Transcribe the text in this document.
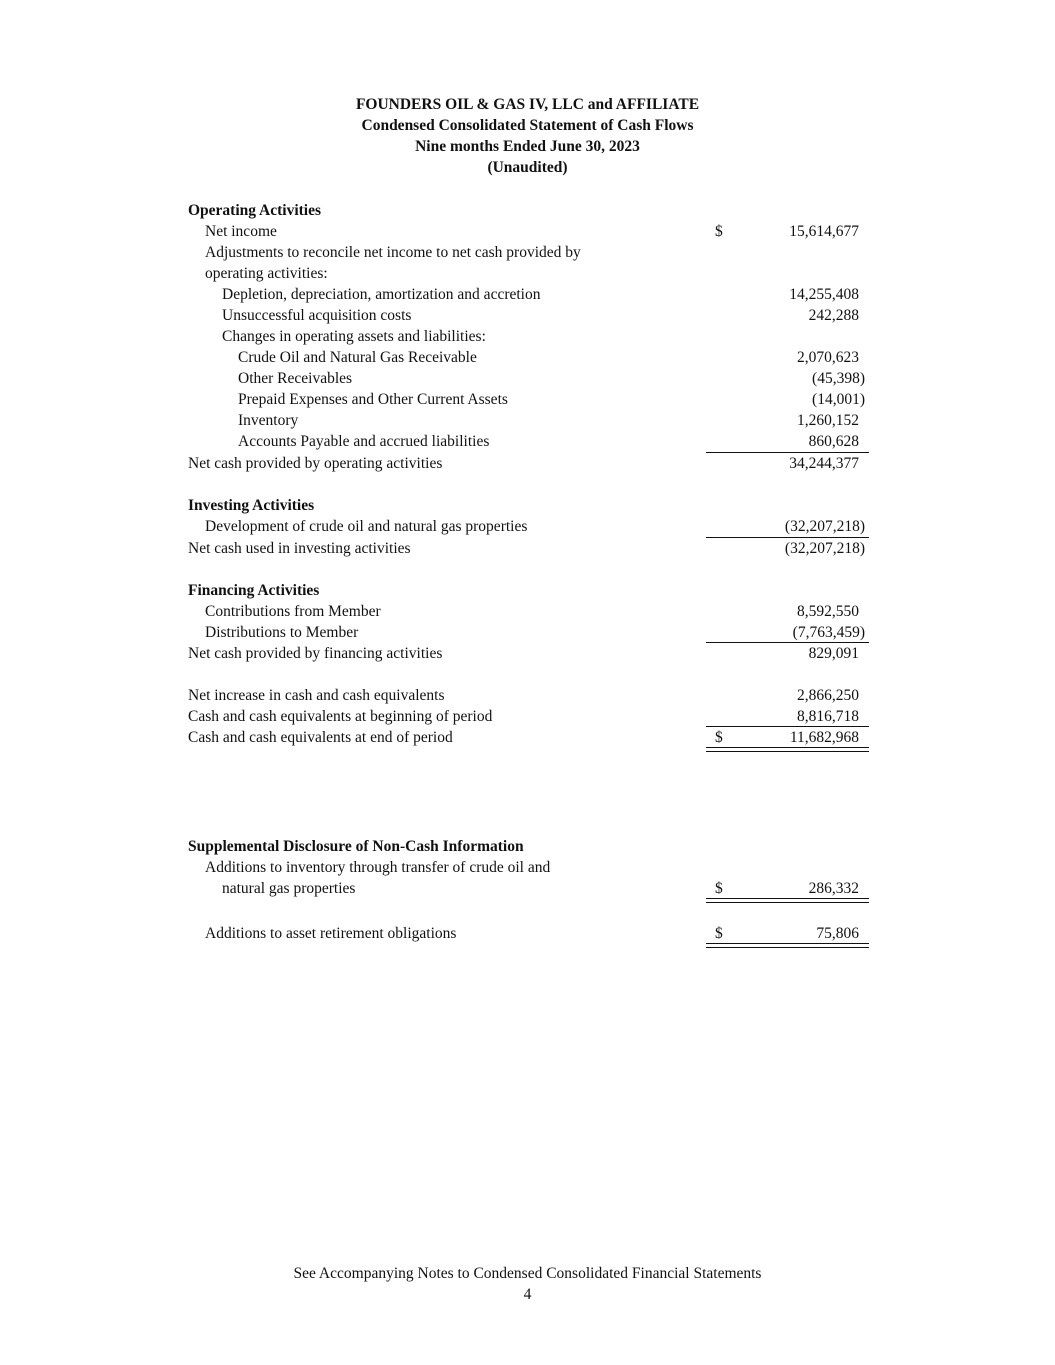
FOUNDERS OIL & GAS IV, LLC and AFFILIATE
Condensed Consolidated Statement of Cash Flows
Nine months Ended June 30, 2023
(Unaudited)
Operating Activities
Net income	$	15,614,677
Adjustments to reconcile net income to net cash provided by
operating activities:
Depletion, depreciation, amortization and accretion	14,255,408
Unsuccessful acquisition costs	242,288
Changes in operating assets and liabilities:
Crude Oil and Natural Gas Receivable	2,070,623
Other Receivables	(45,398)
Prepaid Expenses and Other Current Assets	(14,001)
Inventory	1,260,152
Accounts Payable and accrued liabilities	860,628
Net cash provided by operating activities	34,244,377
Investing Activities
Development of crude oil and natural gas properties	(32,207,218)
Net cash used in investing activities	(32,207,218)
Financing Activities
Contributions from Member	8,592,550
Distributions to Member	(7,763,459)
Net cash provided by financing activities	829,091
Net increase in cash and cash equivalents	2,866,250
Cash and cash equivalents at beginning of period	8,816,718
Cash and cash equivalents at end of period	$	11,682,968
Supplemental Disclosure of Non-Cash Information
Additions to inventory through transfer of crude oil and
natural gas properties	$	286,332
Additions to asset retirement obligations	$	75,806
See Accompanying Notes to Condensed Consolidated Financial Statements
4
